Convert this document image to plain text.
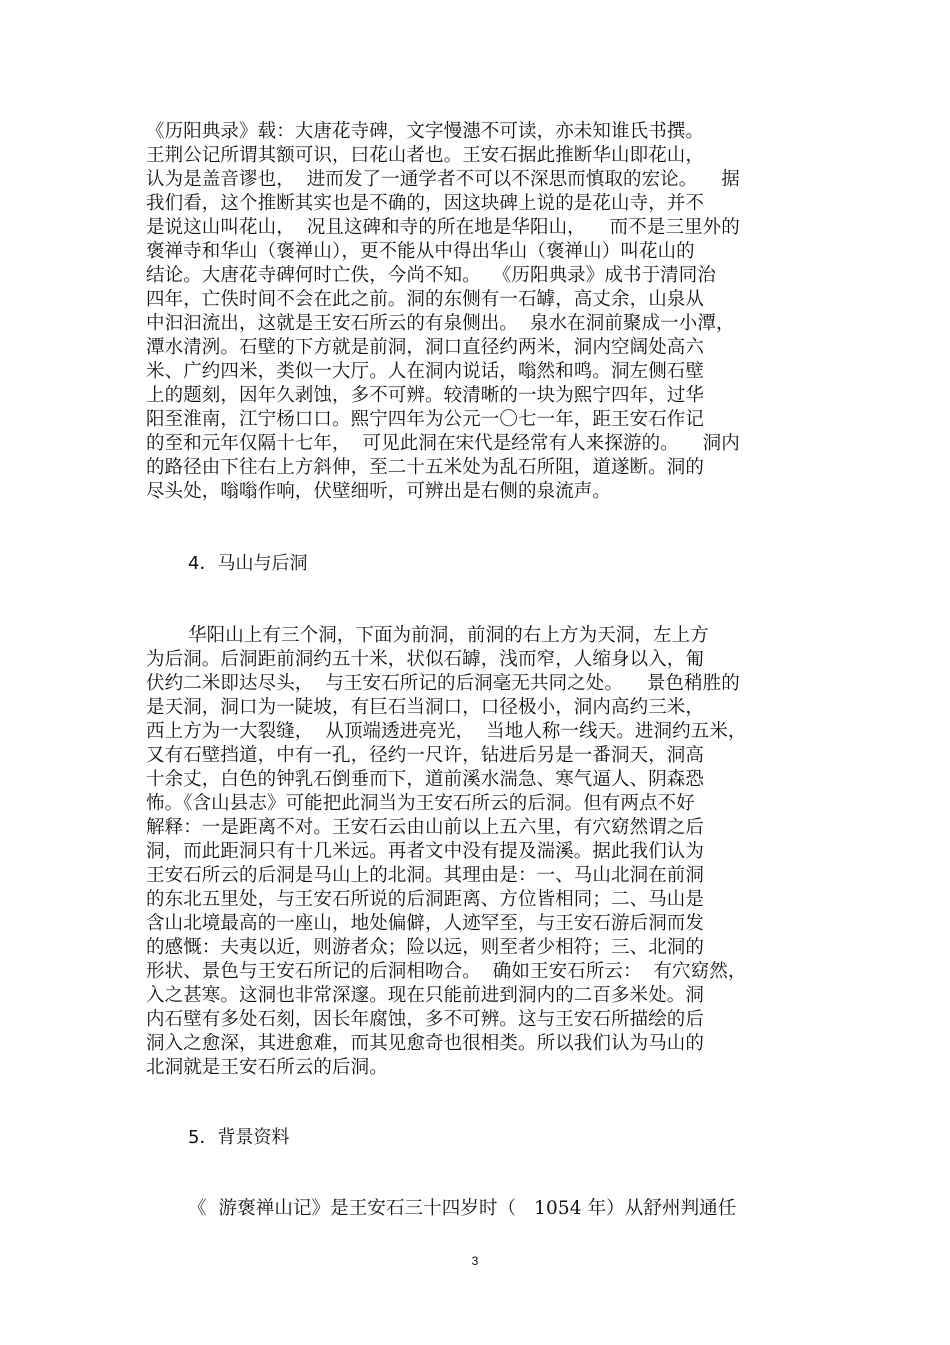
《历阳典录》载：大唐花寺碑，文字慢漶不可读，亦未知谁氏书撰。
王荆公记所谓其额可识，曰花山者也。王安石据此推断华山即花山，
认为是盖音谬也，  进而发了一通学者不可以不深思而慎取的宏论。    据
我们看，这个推断其实也是不确的，因这块碑上说的是花山寺，并不
是说这山叫花山，  况且这碑和寺的所在地是华阳山，    而不是三里外的
褒禅寺和华山（褒禅山），更不能从中得出华山（褒禅山）叫花山的
结论。大唐花寺碑何时亡佚，今尚不知。  《历阳典录》成书于清同治
四年，亡佚时间不会在此之前。洞的东侧有一石罅，高丈余，山泉从
中汩汩流出，这就是王安石所云的有泉侧出。  泉水在洞前聚成一小潭，
潭水清洌。石壁的下方就是前洞，洞口直径约两米，洞内空阔处高六
米、广约四米，类似一大厅。人在洞内说话，嗡然和鸣。洞左侧石壁
上的题刻，因年久剥蚀，多不可辨。较清晰的一块为熙宁四年，过华
阳至淮南，江宁杨口口。熙宁四年为公元一〇七一年，距王安石作记
的至和元年仅隔十七年，  可见此洞在宋代是经常有人来探游的。    洞内
的路径由下往右上方斜伸，至二十五米处为乱石所阻，道遂断。洞的
尽头处，嗡嗡作响，伏壁细听，可辨出是右侧的泉流声。
4．马山与后洞
华阳山上有三个洞，下面为前洞，前洞的右上方为天洞，左上方
为后洞。后洞距前洞约五十米，状似石罅，浅而窄，人缩身以入，匍
伏约二米即达尽头，  与王安石所记的后洞毫无共同之处。    景色稍胜的
是天洞，洞口为一陡坡，有巨石当洞口，口径极小，洞内高约三米，
西上方为一大裂缝，  从顶端透进亮光，  当地人称一线天。进洞约五米，
又有石壁挡道，中有一孔，径约一尺许，钻进后另是一番洞天，洞高
十余丈，白色的钟乳石倒垂而下，道前溪水湍急、寒气逼人、阴森恐
怖。《含山县志》可能把此洞当为王安石所云的后洞。但有两点不好
解释：一是距离不对。王安石云由山前以上五六里，有穴窈然谓之后
洞，而此距洞只有十几米远。再者文中没有提及湍溪。据此我们认为
王安石所云的后洞是马山上的北洞。其理由是：一、马山北洞在前洞
的东北五里处，与王安石所说的后洞距离、方位皆相同；二、马山是
含山北境最高的一座山，地处偏僻，人迹罕至，与王安石游后洞而发
的感慨：夫夷以近，则游者众；险以远，则至者少相符；三、北洞的
形状、景色与王安石所记的后洞相吻合。  确如王安石所云：  有穴窈然，
入之甚寒。这洞也非常深邃。现在只能前进到洞内的二百多米处。洞
内石壁有多处石刻，因长年腐蚀，多不可辨。这与王安石所描绘的后
洞入之愈深，其进愈难，而其见愈奇也很相类。所以我们认为马山的
北洞就是王安石所云的后洞。
5．背景资料
《  游褒禅山记》是王安石三十四岁时（   1054 年）从舒州判通任
3
